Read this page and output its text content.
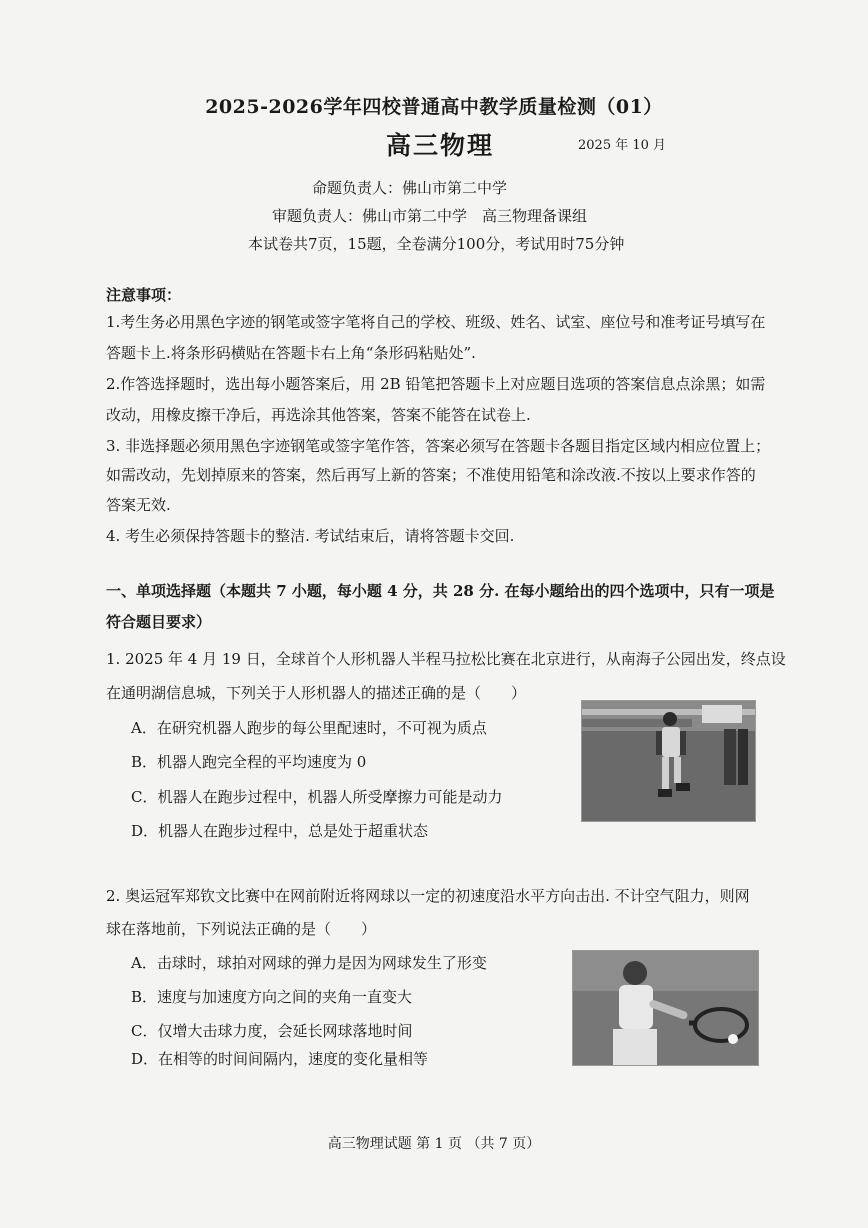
2025-2026学年四校普通高中教学质量检测（01）
高三物理	2025 年 10 月
命题负责人：佛山市第二中学
审题负责人：佛山市第二中学　高三物理备课组
本试卷共7页，15题，全卷满分100分，考试用时75分钟
注意事项：
1.考生务必用黑色字迹的钢笔或签字笔将自己的学校、班级、姓名、试室、座位号和准考证号填写在
答题卡上.将条形码横贴在答题卡右上角“条形码粘贴处”.
2.作答选择题时，选出每小题答案后，用 2B 铅笔把答题卡上对应题目选项的答案信息点涂黑；如需
改动，用橡皮擦干净后，再选涂其他答案，答案不能答在试卷上.
3. 非选择题必须用黑色字迹钢笔或签字笔作答，答案必须写在答题卡各题目指定区域内相应位置上；
如需改动，先划掉原来的答案，然后再写上新的答案；不准使用铅笔和涂改液.不按以上要求作答的
答案无效.
4. 考生必须保持答题卡的整洁. 考试结束后，请将答题卡交回.
一、单项选择题（本题共 7 小题，每小题 4 分，共 28 分. 在每小题给出的四个选项中，只有一项是
符合题目要求）
1. 2025 年 4 月 19 日，全球首个人形机器人半程马拉松比赛在北京进行，从南海子公园出发，终点设
在通明湖信息城，下列关于人形机器人的描述正确的是（　　）
A．在研究机器人跑步的每公里配速时，不可视为质点
B．机器人跑完全程的平均速度为 0
C．机器人在跑步过程中，机器人所受摩擦力可能是动力
D．机器人在跑步过程中，总是处于超重状态
2. 奥运冠军郑钦文比赛中在网前附近将网球以一定的初速度沿水平方向击出. 不计空气阻力，则网
球在落地前，下列说法正确的是（　　）
A．击球时，球拍对网球的弹力是因为网球发生了形变
B．速度与加速度方向之间的夹角一直变大
C．仅增大击球力度，会延长网球落地时间
D．在相等的时间间隔内，速度的变化量相等
高三物理试题 第 1 页 （共 7 页）
